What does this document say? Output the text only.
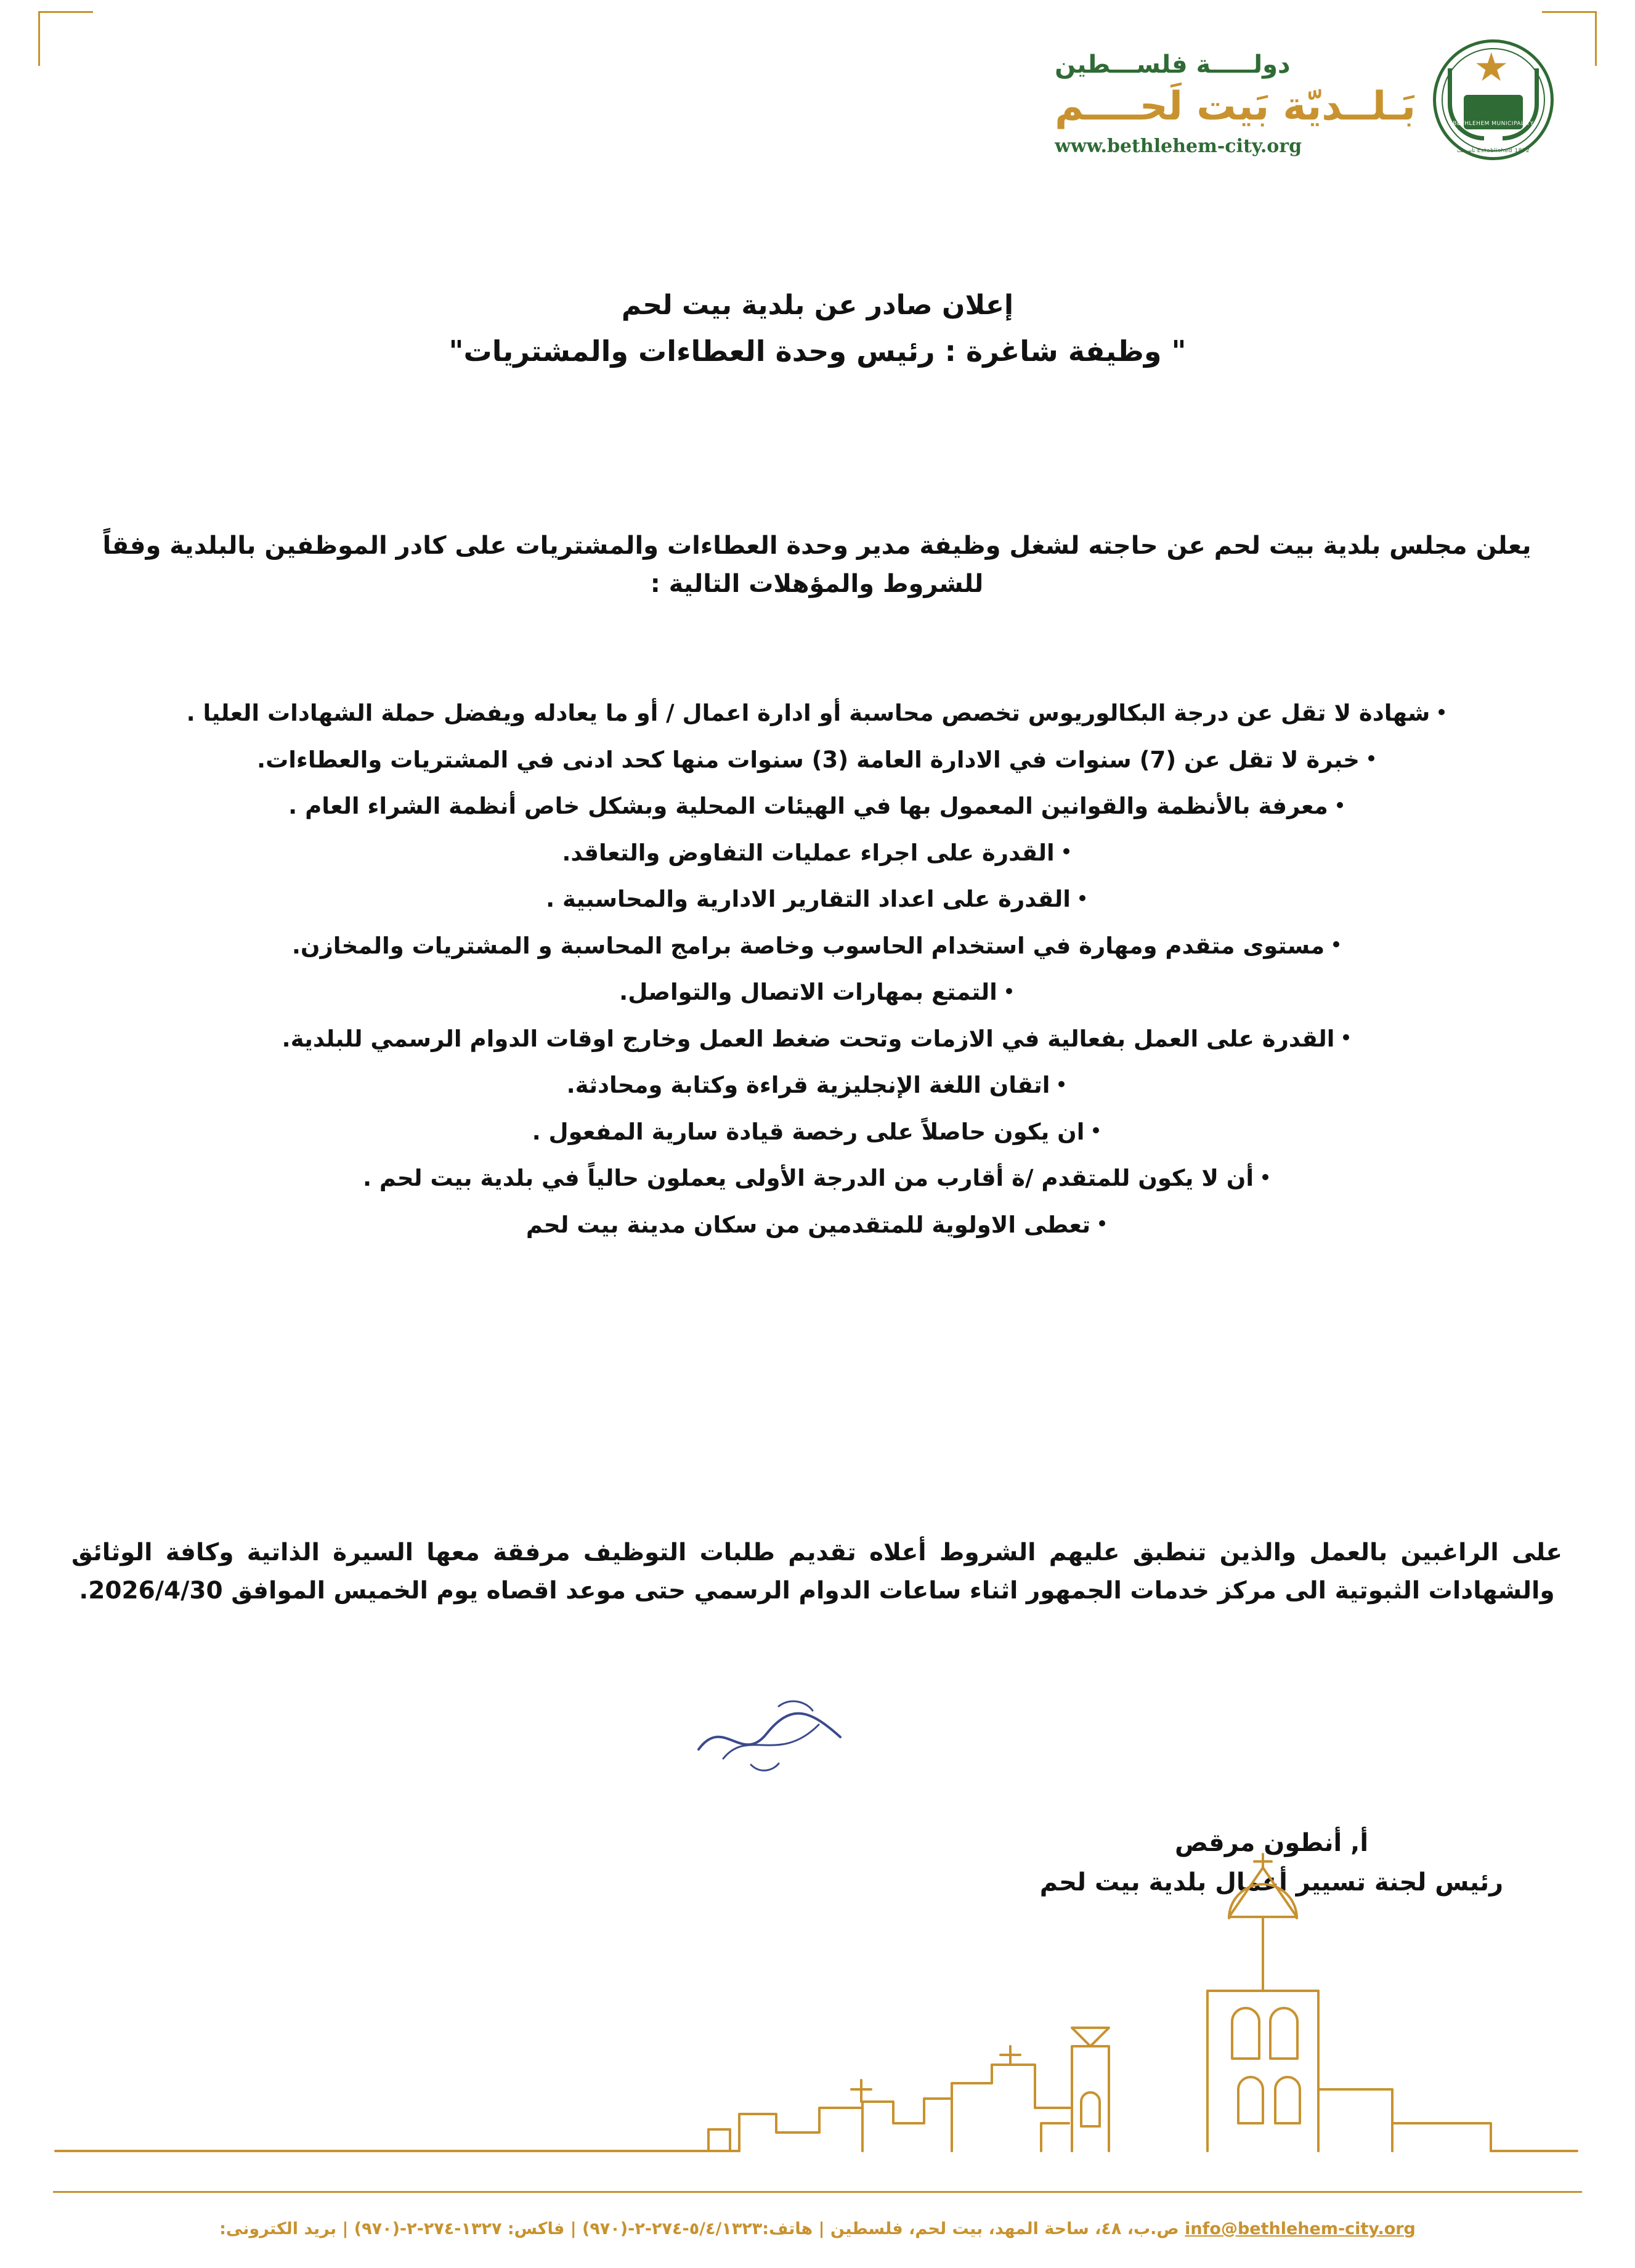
BETHLEHEM MUNICIPALITY
Established 1872 تأسست
دولـــــة فلســـطين
بَـلــديّة بَيت لَحــــم
www.bethlehem-city.org
إعلان صادر عن بلدية بيت لحم
" وظيفة شاغرة : رئيس وحدة العطاءات والمشتريات"
يعلن مجلس بلدية بيت لحم عن حاجته لشغل وظيفة مدير وحدة العطاءات والمشتريات على كادر الموظفين بالبلدية وفقاً للشروط والمؤهلات التالية :
شهادة لا تقل عن درجة البكالوريوس تخصص محاسبة أو ادارة اعمال / أو ما يعادله ويفضل حملة الشهادات العليا .
خبرة لا تقل عن (7) سنوات في الادارة العامة (3) سنوات منها كحد ادنى في المشتريات والعطاءات.
معرفة بالأنظمة والقوانين المعمول بها في الهيئات المحلية وبشكل خاص أنظمة الشراء العام .
القدرة على اجراء عمليات التفاوض والتعاقد.
القدرة على اعداد التقارير الادارية والمحاسبية .
مستوى متقدم ومهارة في استخدام الحاسوب وخاصة برامج المحاسبة و المشتريات والمخازن.
التمتع بمهارات الاتصال والتواصل.
القدرة على العمل بفعالية في الازمات وتحت ضغط العمل وخارج اوقات الدوام الرسمي للبلدية.
اتقان اللغة الإنجليزية قراءة وكتابة ومحادثة.
ان يكون حاصلاً على رخصة قيادة سارية المفعول .
أن لا يكون للمتقدم /ة أقارب من الدرجة الأولى يعملون حالياً في بلدية بيت لحم .
تعطى الاولوية للمتقدمين من سكان مدينة بيت لحم
على الراغبين بالعمل والذين تنطبق عليهم الشروط أعلاه تقديم طلبات التوظيف مرفقة معها السيرة الذاتية وكافة الوثائق والشهادات الثبوتية الى مركز خدمات الجمهور اثناء ساعات الدوام الرسمي حتى موعد اقصاه يوم الخميس الموافق 2026/4/30.
أ, أنطون مرقص
رئيس لجنة تسيير أعمال بلدية بيت لحم
info@bethlehem-city.org ص.ب، ٤٨، ساحة المهد، بيت لحم، فلسطين | هاتف:٥/٤/١٣٢٣-٢٧٤-٢-(٩٧٠) | فاكس: ١٣٢٧-٢٧٤-٢-(٩٧٠) | بريد الكترونى:
